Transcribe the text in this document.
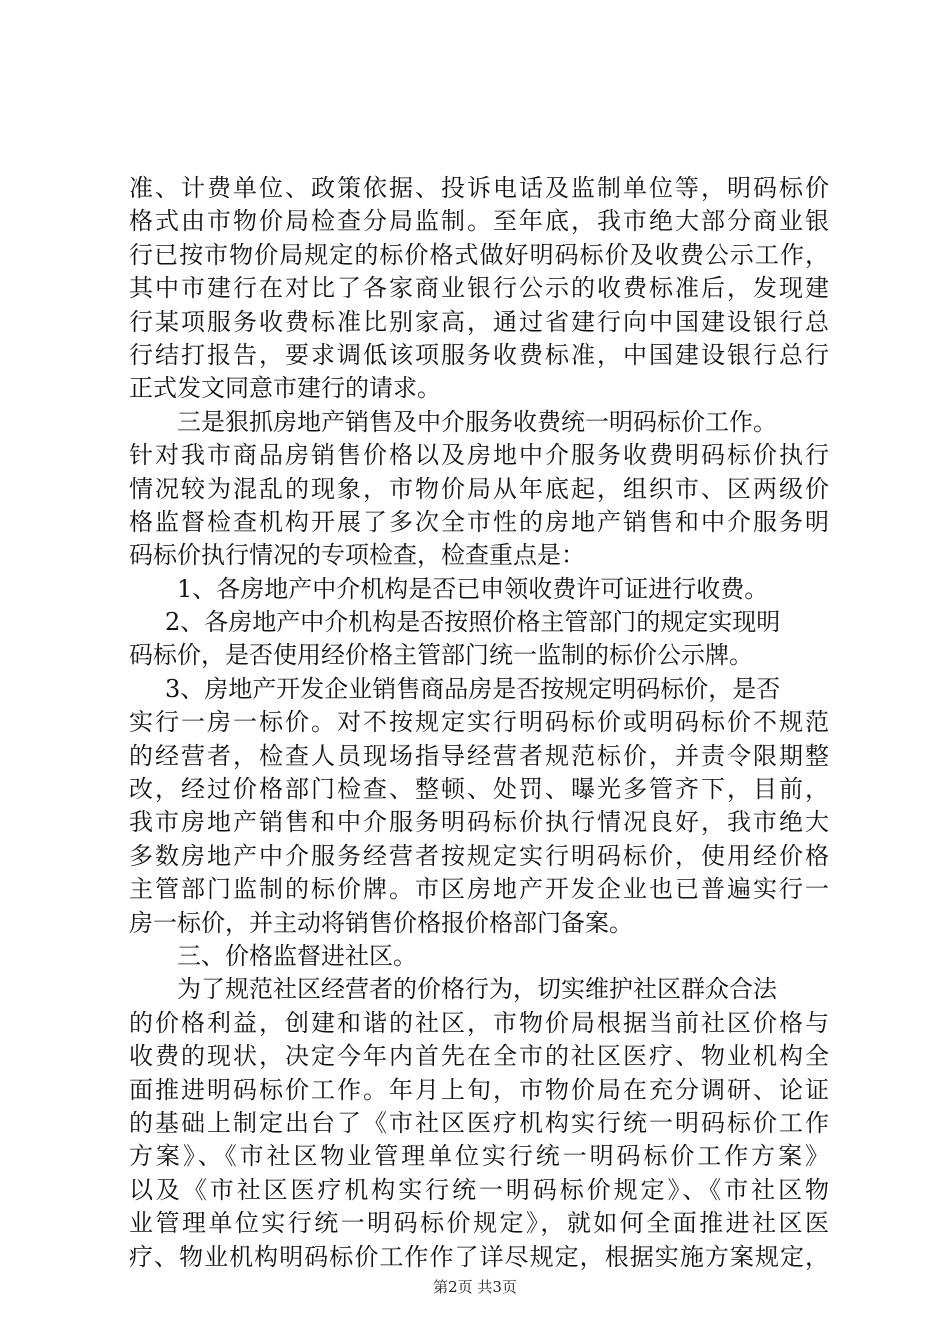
准、计费单位、政策依据、投诉电话及监制单位等，明码标价
格式由市物价局检查分局监制。至年底，我市绝大部分商业银
行已按市物价局规定的标价格式做好明码标价及收费公示工作，
其中市建行在对比了各家商业银行公示的收费标准后，发现建
行某项服务收费标准比别家高，通过省建行向中国建设银行总
行结打报告，要求调低该项服务收费标准，中国建设银行总行
正式发文同意市建行的请求。
三是狠抓房地产销售及中介服务收费统一明码标价工作。
针对我市商品房销售价格以及房地中介服务收费明码标价执行
情况较为混乱的现象，市物价局从年底起，组织市、区两级价
格监督检查机构开展了多次全市性的房地产销售和中介服务明
码标价执行情况的专项检查，检查重点是：
1、各房地产中介机构是否已申领收费许可证进行收费。
2、各房地产中介机构是否按照价格主管部门的规定实现明
码标价，是否使用经价格主管部门统一监制的标价公示牌。
3、房地产开发企业销售商品房是否按规定明码标价，是否
实行一房一标价。对不按规定实行明码标价或明码标价不规范
的经营者，检查人员现场指导经营者规范标价，并责令限期整
改，经过价格部门检查、整顿、处罚、曝光多管齐下，目前，
我市房地产销售和中介服务明码标价执行情况良好，我市绝大
多数房地产中介服务经营者按规定实行明码标价，使用经价格
主管部门监制的标价牌。市区房地产开发企业也已普遍实行一
房一标价，并主动将销售价格报价格部门备案。
三、价格监督进社区。
为了规范社区经营者的价格行为，切实维护社区群众合法
的价格利益，创建和谐的社区，市物价局根据当前社区价格与
收费的现状，决定今年内首先在全市的社区医疗、物业机构全
面推进明码标价工作。年月上旬，市物价局在充分调研、论证
的基础上制定出台了《市社区医疗机构实行统一明码标价工作
方案》、《市社区物业管理单位实行统一明码标价工作方案》
以及《市社区医疗机构实行统一明码标价规定》、《市社区物
业管理单位实行统一明码标价规定》，就如何全面推进社区医
疗、物业机构明码标价工作作了详尽规定，根据实施方案规定，
第2页 共3页
